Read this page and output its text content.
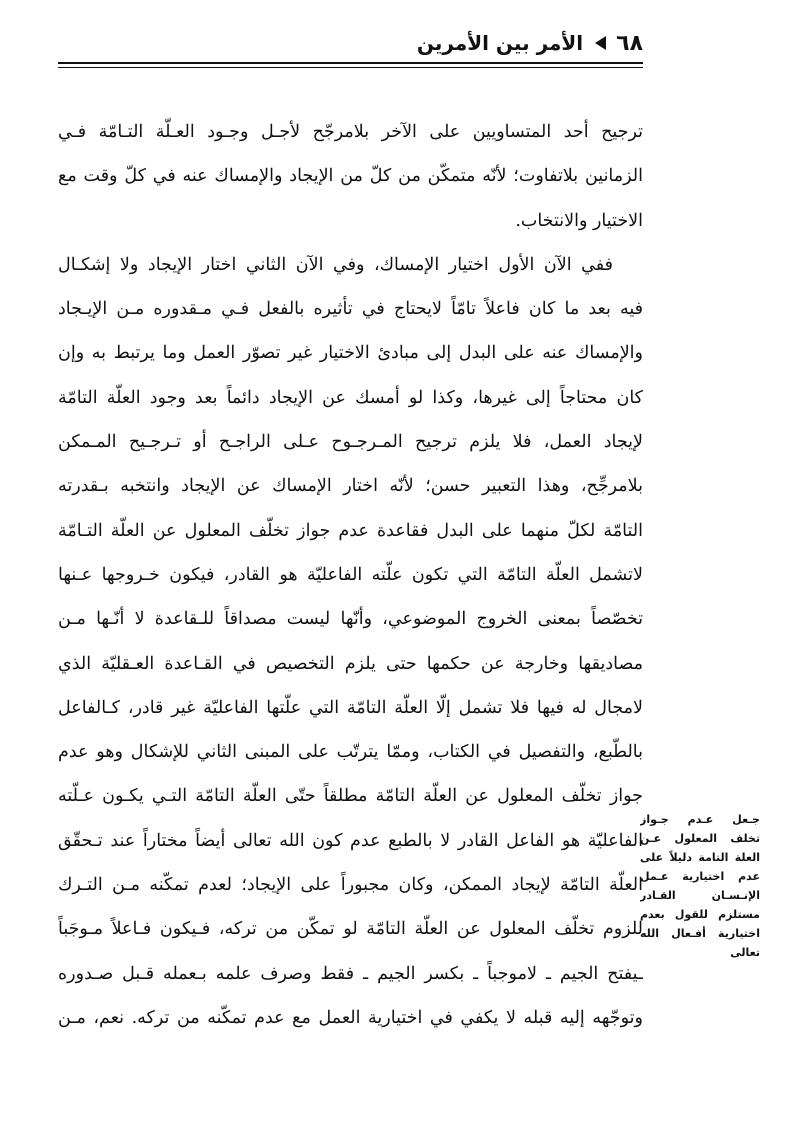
٦٨
الأمر بين الأمرين
ترجيح أحد المتساويين على الآخر بلامرجّح لأجـل وجـود العـلّة التـامّة فـي
الزمانين بلاتفاوت؛ لأنّه متمكّن من كلّ من الإيجاد والإمساك عنه في كلّ وقت مع
الاختيار والانتخاب.
ففي الآن الأول اختيار الإمساك، وفي الآن الثاني اختار الإيجاد ولا إشكـال
فيه بعد ما كان فاعلاً تامّاً لايحتاج في تأثيره بالفعل فـي مـقدوره مـن الإيـجاد
والإمساك عنه على البدل إلى مبادئ الاختيار غير تصوّر العمل وما يرتبط به وإن
كان محتاجاً إلى غيرها، وكذا لو أمسك عن الإيجاد دائماً بعد وجود العلّة التامّة
لإيجاد العمل، فلا يلزم ترجيح المـرجـوح عـلى الراجـح أو تـرجـيح المـمكن
بلامرجِّح، وهذا التعبير حسن؛ لأنّه اختار الإمساك عن الإيجاد وانتخبه بـقدرته
التامّة لكلّ منهما على البدل فقاعدة عدم جواز تخلّف المعلول عن العلّة التـامّة
لاتشمل العلّة التامّة التي تكون علّته الفاعليّة هو القادر، فيكون خـروجها عـنها
تخصّصاً بمعنى الخروج الموضوعي، وأنّها ليست مصداقاً للـقاعدة لا أنّـها مـن
مصاديقها وخارجة عن حكمها حتى يلزم التخصيص في القـاعدة العـقليّة الذي
لامجال له فيها فلا تشمل إلّا العلّة التامّة التي علّتها الفاعليّة غير قادر، كـالفاعل
بالطّبع، والتفصيل في الكتاب، وممّا يترتّب على المبنى الثاني للإشكال وهو عدم
جواز تخلّف المعلول عن العلّة التامّة مطلقاً حتّى العلّة التامّة التـي يكـون عـلّته
الفاعليّة هو الفاعل القادر لا بالطبع عدم كون الله تعالى أيضاً مختاراً عند تـحقّق
العلّة التامّة لإيجاد الممكن، وكان مجبوراً على الإيجاد؛ لعدم تمكّنه مـن التـرك
للزوم تخلّف المعلول عن العلّة التامّة لو تمكّن من تركه، فـيكون فـاعلاً مـوجَباً
ـيفتح الجيم ـ لاموجباً ـ بكسر الجيم ـ فقط وصرف علمه بـعمله قـبل صـدوره
وتوجّهه إليه قبله لا يكفي في اختيارية العمل مع عدم تمكّنه من تركه. نعم، مـن
جـعل عـدم جـواز
تخلف المعلول عـن
العلة التامة دليلاً على
عدم اختيارية عـمل
الإنـسـان القـادر
مستلزم للقول بعدم
اختيارية أفـعال الله
تعالى
